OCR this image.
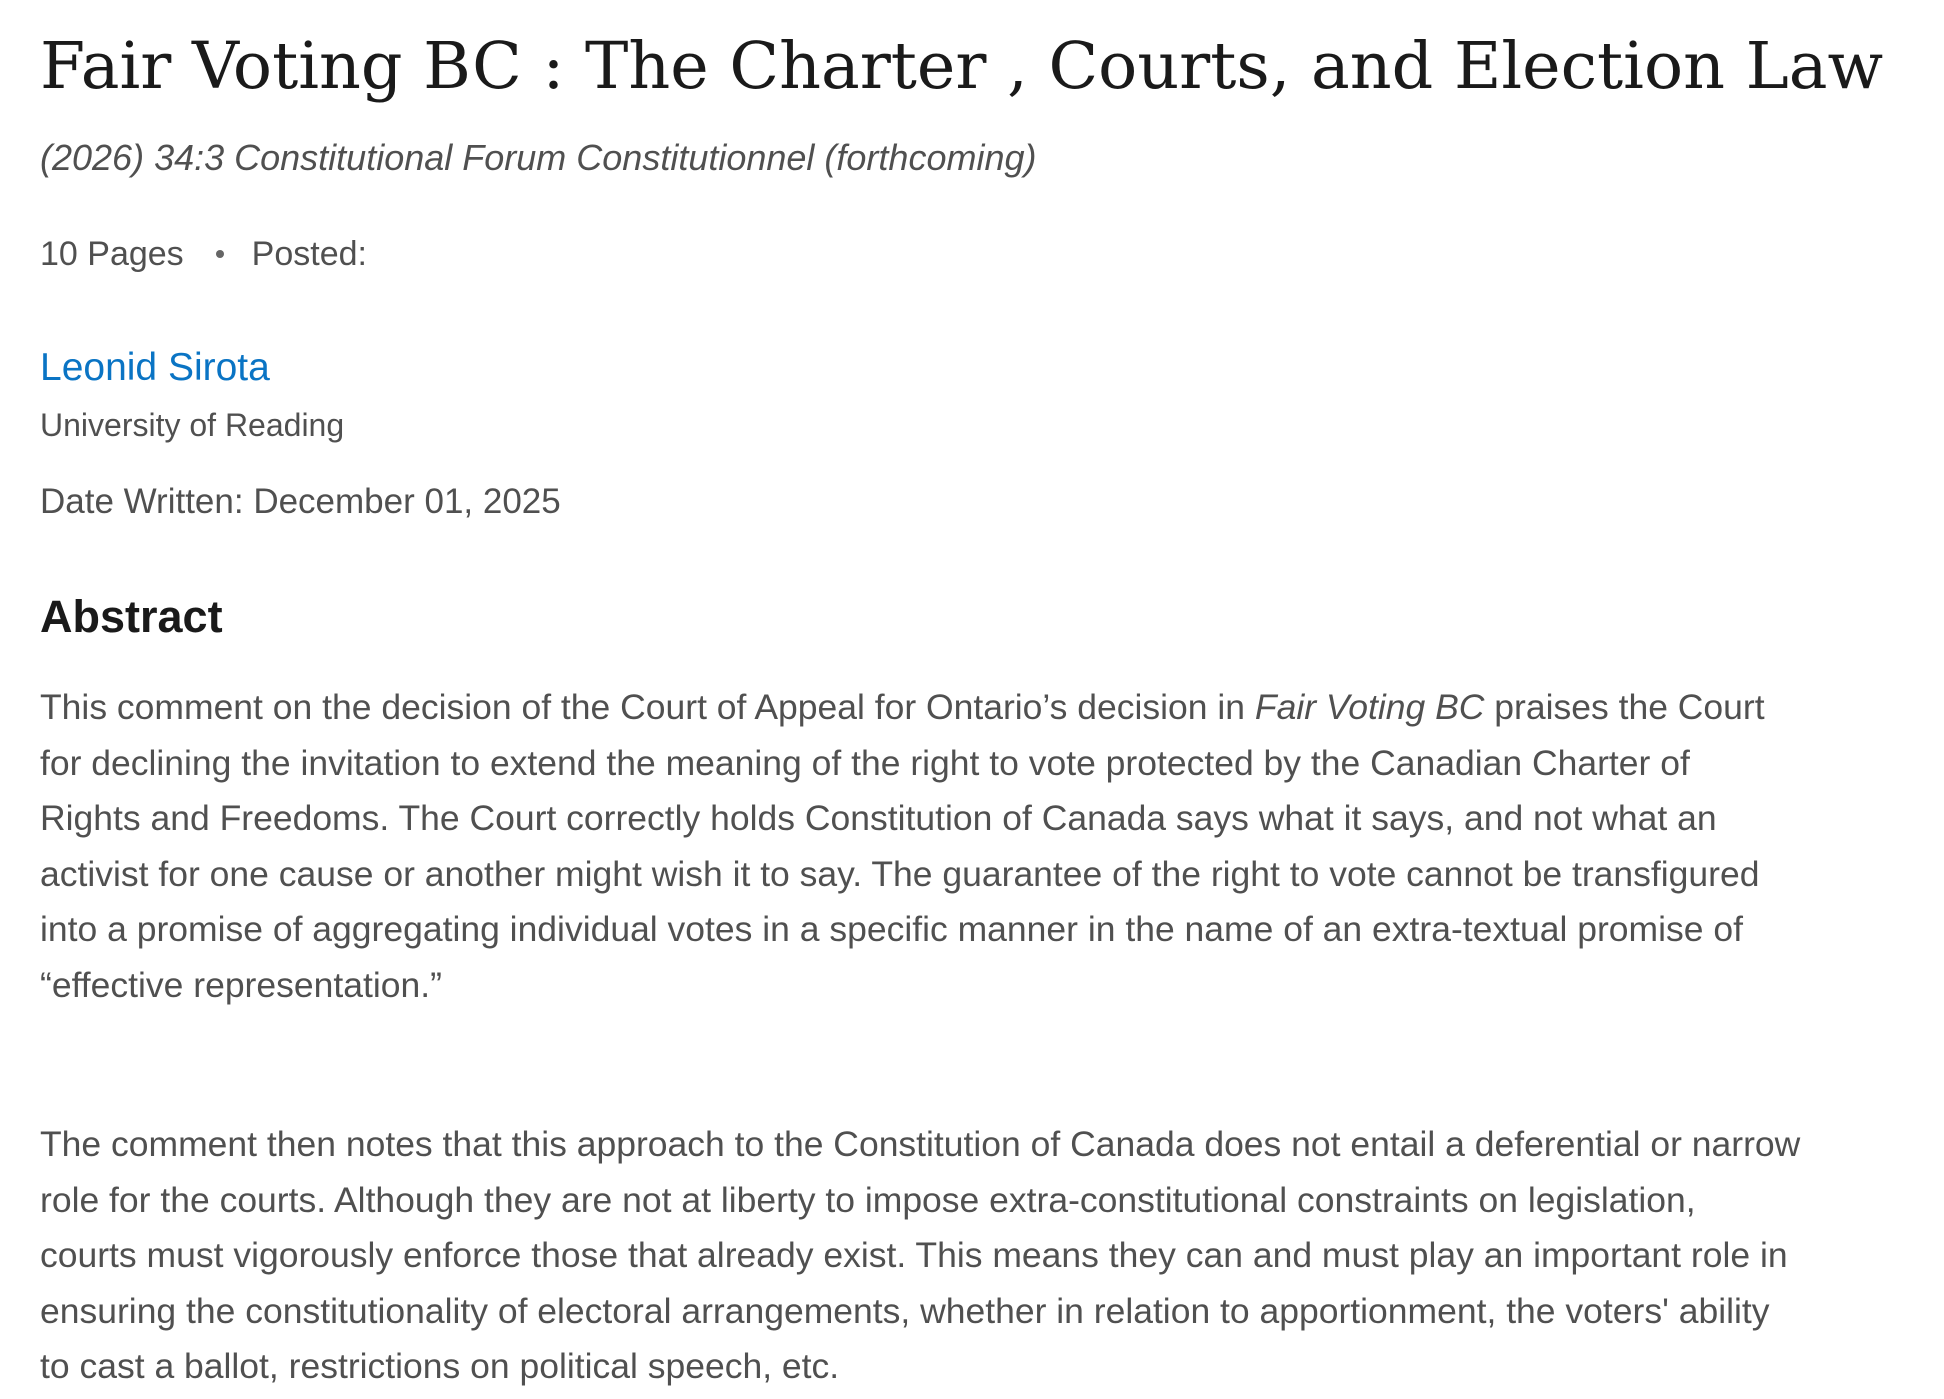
Fair Voting BC : The Charter , Courts, and Election Law
(2026) 34:3 Constitutional Forum Constitutionnel (forthcoming)
10 Pages Posted:
Leonid Sirota
University of Reading
Date Written: December 01, 2025
Abstract

This comment on the decision of the Court of Appeal for Ontario’s decision in Fair Voting BC praises the Court
for declining the invitation to extend the meaning of the right to vote protected by the Canadian Charter of
Rights and Freedoms. The Court correctly holds Constitution of Canada says what it says, and not what an
activist for one cause or another might wish it to say. The guarantee of the right to vote cannot be transfigured
into a promise of aggregating individual votes in a specific manner in the name of an extra-textual promise of
“effective representation.”

The comment then notes that this approach to the Constitution of Canada does not entail a deferential or narrow
role for the courts. Although they are not at liberty to impose extra-constitutional constraints on legislation,
courts must vigorously enforce those that already exist. This means they can and must play an important role in
ensuring the constitutionality of electoral arrangements, whether in relation to apportionment, the voters' ability
to cast a ballot, restrictions on political speech, etc.
